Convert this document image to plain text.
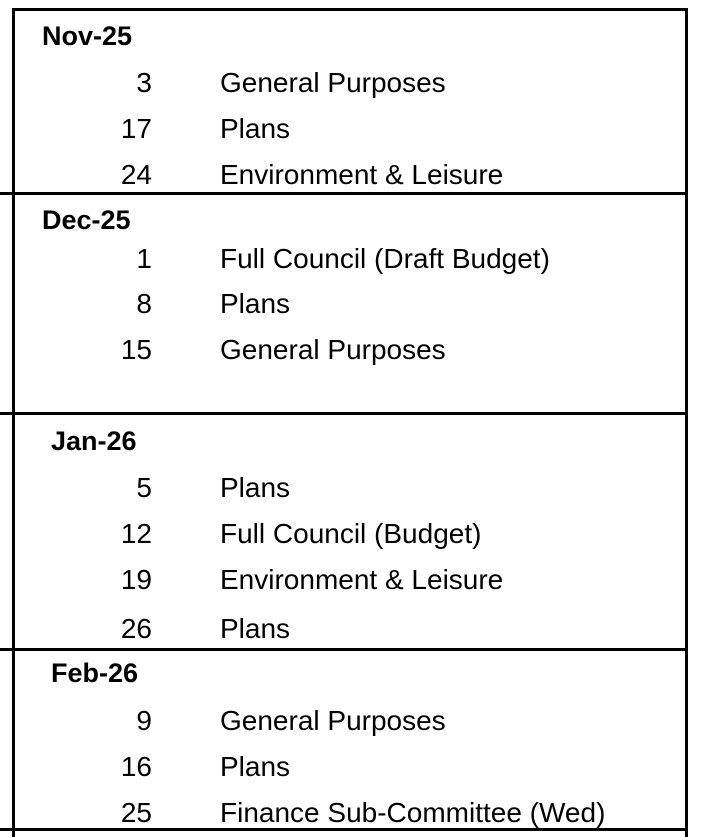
Nov-25
3 General Purposes
17 Plans
24 Environment & Leisure
Dec-25
1 Full Council (Draft Budget)
8 Plans
15 General Purposes
Jan-26
5 Plans
12 Full Council (Budget)
19 Environment & Leisure
26 Plans
Feb-26
9 General Purposes
16 Plans
25 Finance Sub-Committee (Wed)
